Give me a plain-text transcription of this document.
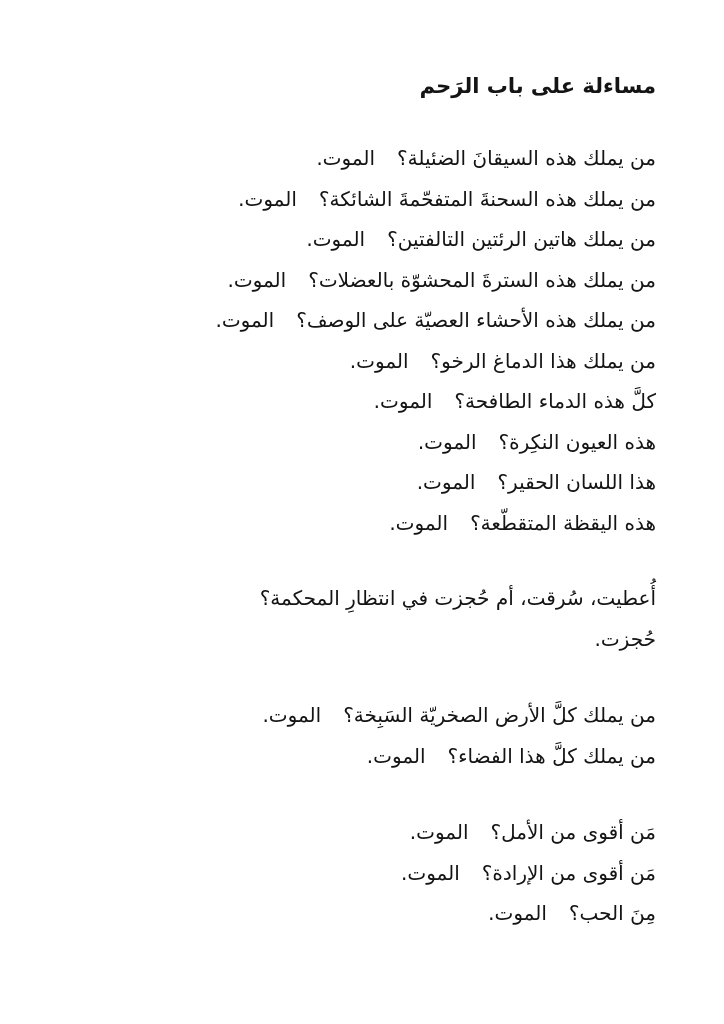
مساءلة على باب الرَحم
من يملك هذه السيقانَ الضئيلة؟الموت.
من يملك هذه السحنةَ المتفحّمةَ الشائكة؟الموت.
من يملك هاتين الرئتين التالفتين؟الموت.
من يملك هذه السترةَ المحشوّة بالعضلات؟الموت.
من يملك هذه الأحشاء العصيّة على الوصف؟الموت.
من يملك هذا الدماغ الرخو؟الموت.
كلَّ هذه الدماء الطافحة؟الموت.
هذه العيون النكِرة؟الموت.
هذا اللسان الحقير؟الموت.
هذه اليقظة المتقطّعة؟الموت.
أُعطيت، سُرقت، أم حُجزت في انتظارِ المحكمة؟
حُجزت.
من يملك كلَّ الأرض الصخريّة السَبِخة؟الموت.
من يملك كلَّ هذا الفضاء؟الموت.
مَن أقوى من الأمل؟الموت.
مَن أقوى من الإرادة؟الموت.
مِنَ الحب؟الموت.
